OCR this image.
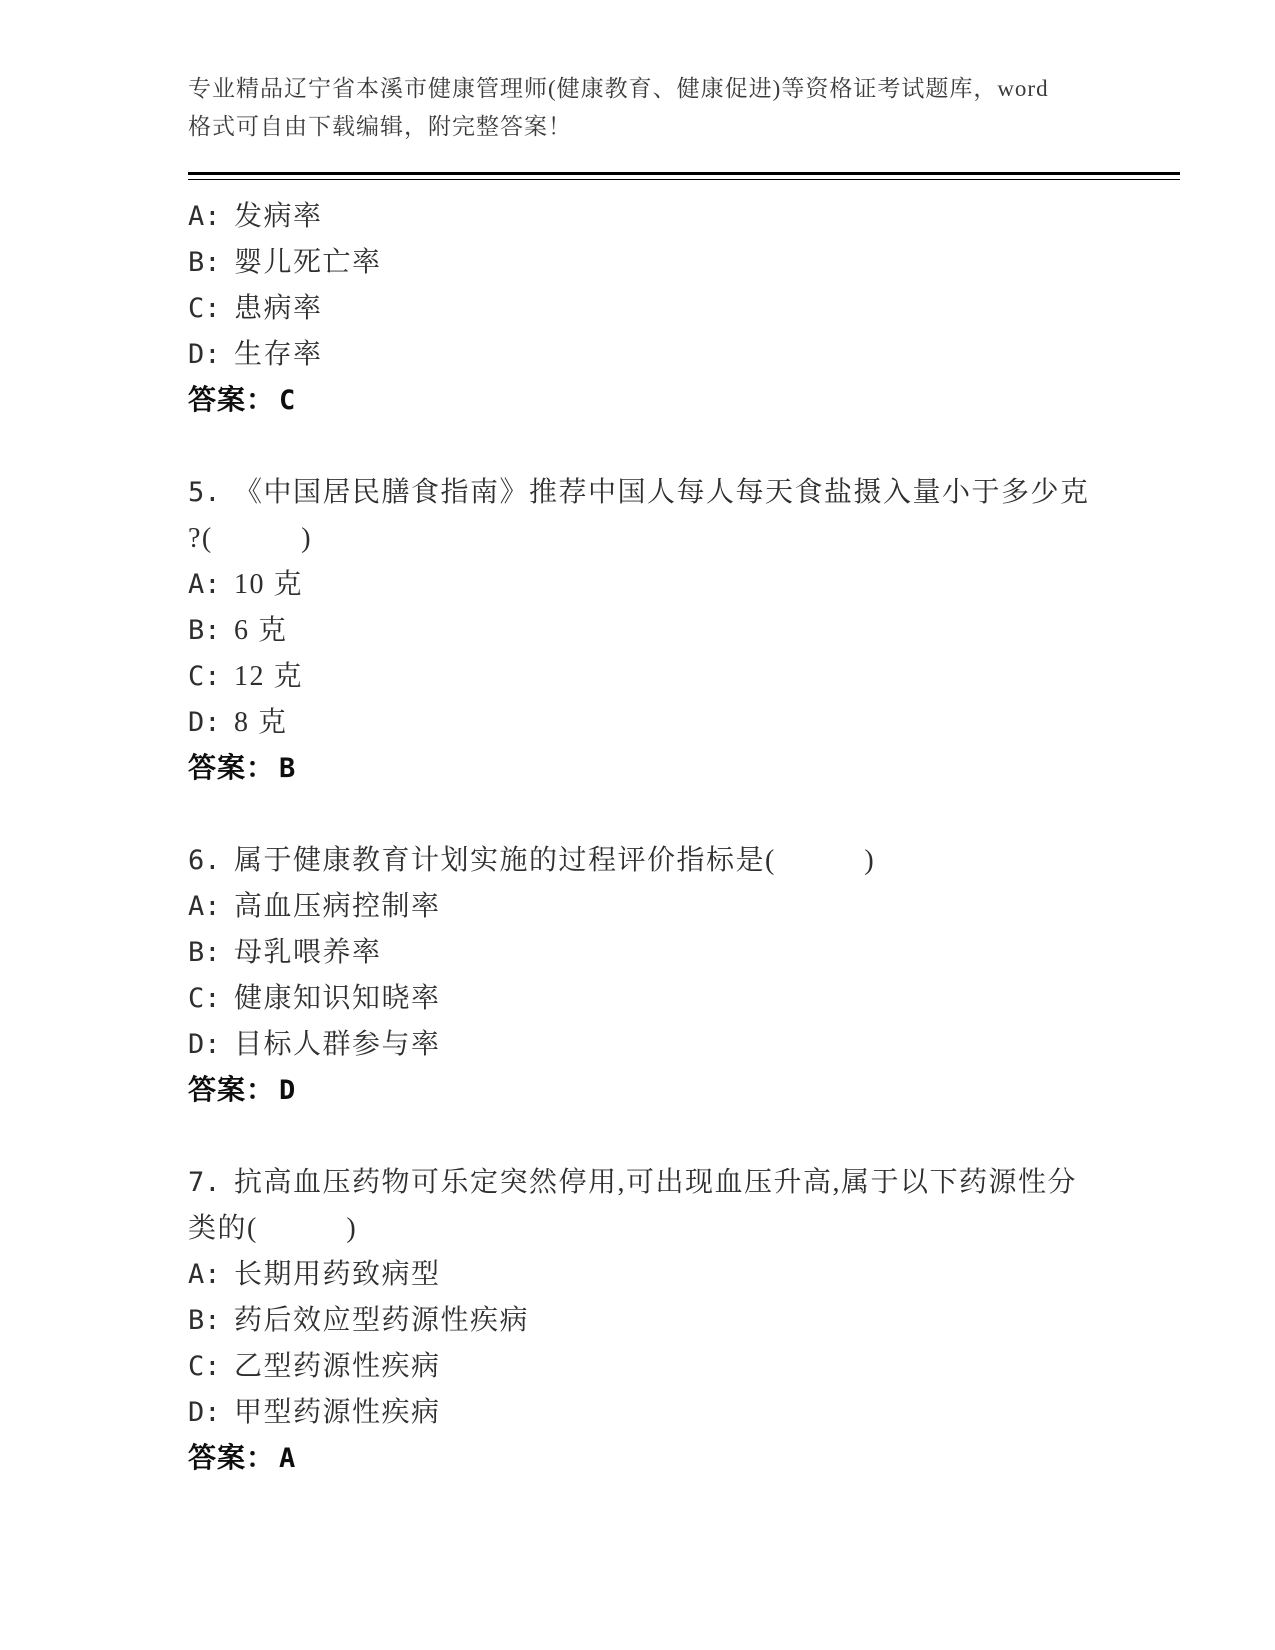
专业精品辽宁省本溪市健康管理师(健康教育、健康促进)等资格证考试题库，word
格式可自由下载编辑，附完整答案！
A: 发病率
B: 婴儿死亡率
C: 患病率
D: 生存率
答案： C
5. 《中国居民膳食指南》推荐中国人每人每天食盐摄入量小于多少克
?(　　　)
A: 10 克
B: 6 克
C: 12 克
D: 8 克
答案： B
6. 属于健康教育计划实施的过程评价指标是(　　　)
A: 高血压病控制率
B: 母乳喂养率
C: 健康知识知晓率
D: 目标人群参与率
答案： D
7. 抗高血压药物可乐定突然停用,可出现血压升高,属于以下药源性分
类的(　　　)
A: 长期用药致病型
B: 药后效应型药源性疾病
C: 乙型药源性疾病
D: 甲型药源性疾病
答案： A
